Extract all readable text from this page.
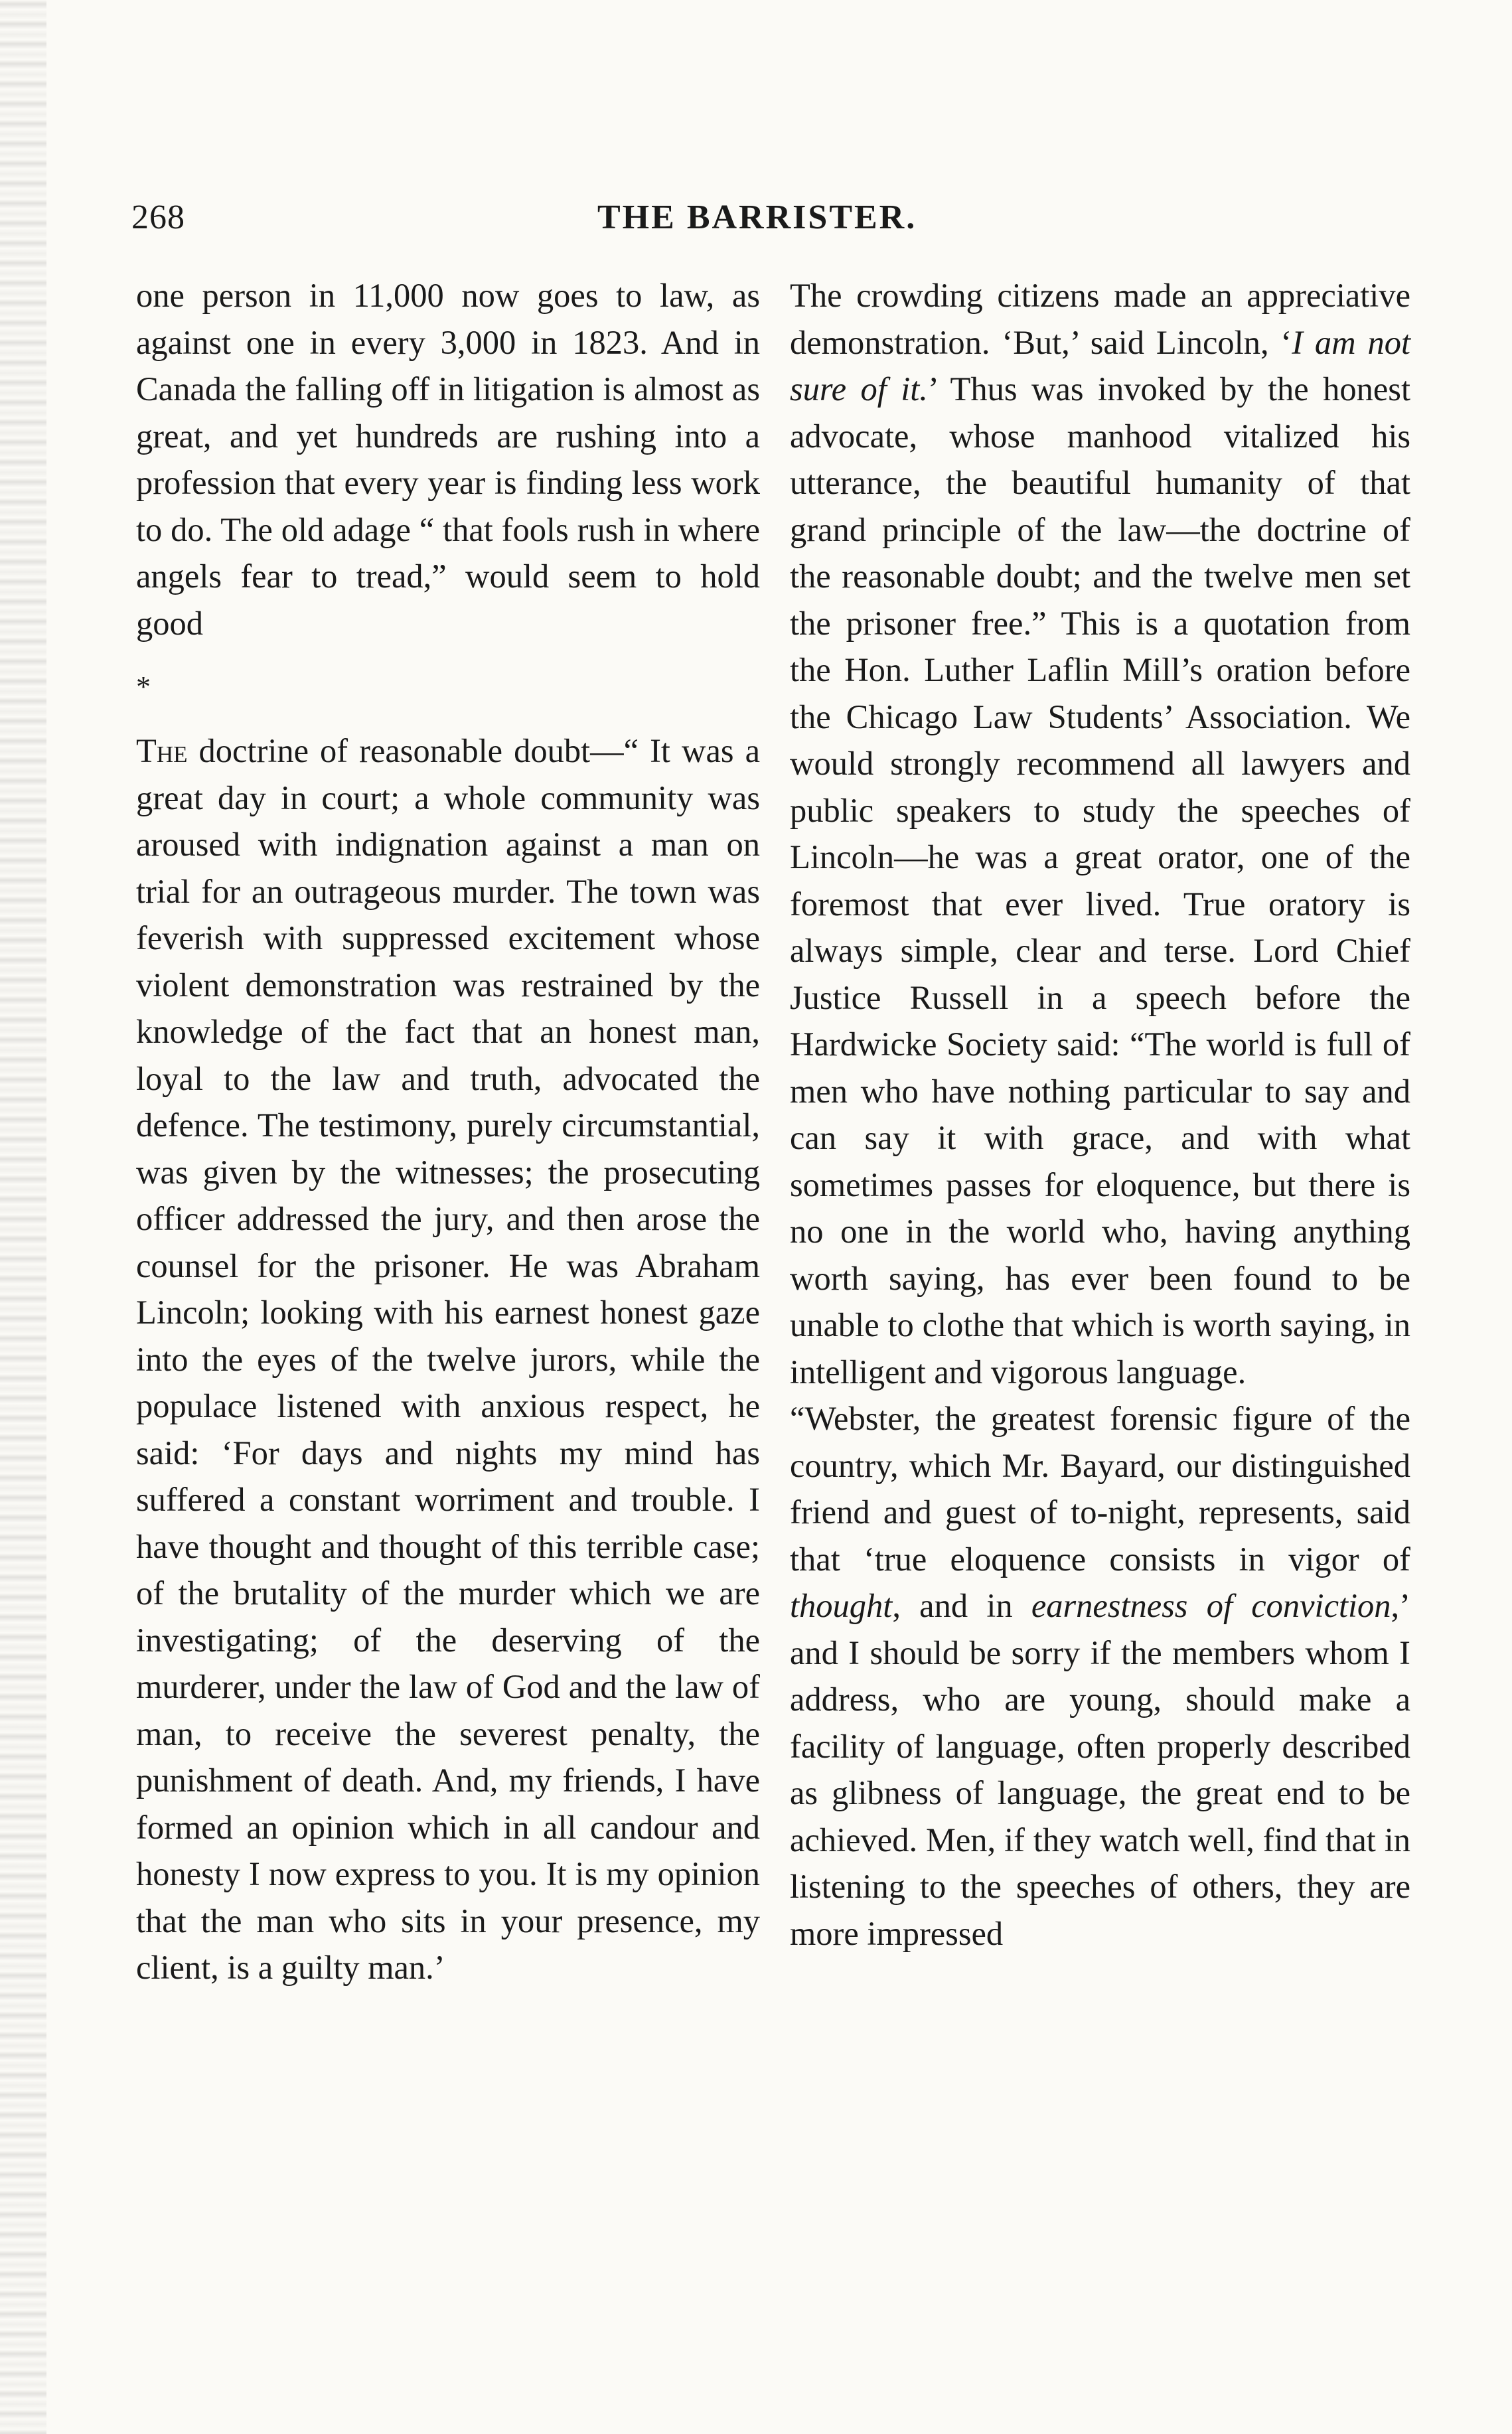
268	THE BARRISTER.

one person in 11,000 now goes to law, as against one in every 3,000 in 1823. And in Canada the falling off in litigation is almost as great, and yet hundreds are rushing into a profession that every year is finding less work to do. The old adage “ that fools rush in where angels fear to tread,” would seem to hold good

*

The doctrine of reasonable doubt—“ It was a great day in court; a whole community was aroused with indignation against a man on trial for an outrageous murder. The town was feverish with suppressed excitement whose violent demonstration was restrained by the knowledge of the fact that an honest man, loyal to the law and truth, advocated the defence. The testimony, purely circumstantial, was given by the witnesses; the prosecuting officer addressed the jury, and then arose the counsel for the prisoner. He was Abraham Lincoln; looking with his earnest honest gaze into the eyes of the twelve jurors, while the populace listened with anxious respect, he said: ‘For days and nights my mind has suffered a constant worriment and trouble. I have thought and thought of this terrible case; of the brutality of the murder which we are investigating; of the deserving of the murderer, under the law of God and the law of man, to receive the severest penalty, the punishment of death. And, my friends, I have formed an opinion which in all candour and honesty I now express to you. It is my opinion that the man who sits in your presence, my client, is a guilty man.’

The crowding citizens made an appreciative demonstration. ‘But,’ said Lincoln, ‘I am not sure of it.’ Thus was invoked by the honest advocate, whose manhood vitalized his utterance, the beautiful humanity of that grand principle of the law—the doctrine of the reasonable doubt; and the twelve men set the prisoner free.” This is a quotation from the Hon. Luther Laflin Mill’s oration before the Chicago Law Students’ Association. We would strongly recommend all lawyers and public speakers to study the speeches of Lincoln—he was a great orator, one of the foremost that ever lived. True oratory is always simple, clear and terse. Lord Chief Justice Russell in a speech before the Hardwicke Society said: “The world is full of men who have nothing particular to say and can say it with grace, and with what sometimes passes for eloquence, but there is no one in the world who, having anything worth saying, has ever been found to be unable to clothe that which is worth saying, in intelligent and vigorous language.

“Webster, the greatest forensic figure of the country, which Mr. Bayard, our distinguished friend and guest of to-night, represents, said that ‘true eloquence consists in vigor of thought, and in earnestness of conviction,’ and I should be sorry if the members whom I address, who are young, should make a facility of language, often properly described as glibness of language, the great end to be achieved. Men, if they watch well, find that in listening to the speeches of others, they are more impressed
